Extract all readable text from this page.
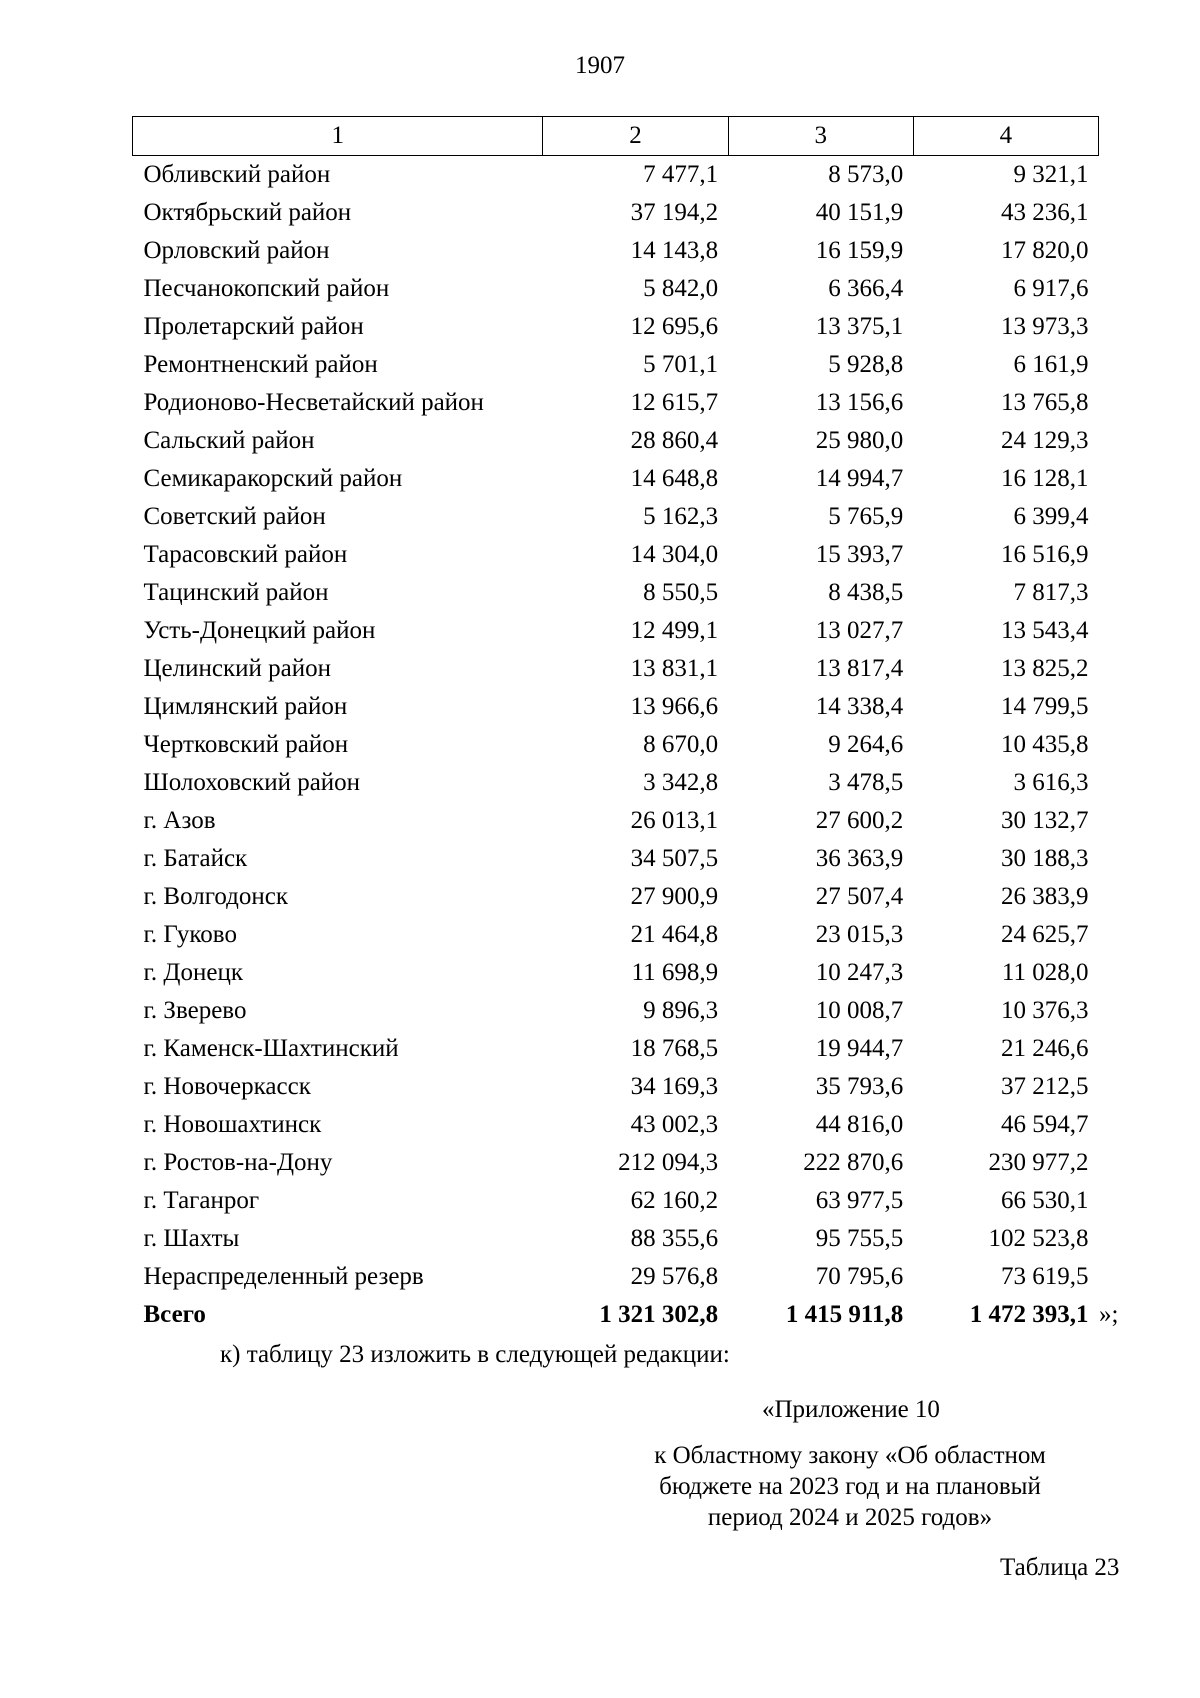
1907
1	2	3	4
Обливский район	7 477,1	8 573,0	9 321,1
Октябрьский район	37 194,2	40 151,9	43 236,1
Орловский район	14 143,8	16 159,9	17 820,0
Песчанокопский район	5 842,0	6 366,4	6 917,6
Пролетарский район	12 695,6	13 375,1	13 973,3
Ремонтненский район	5 701,1	5 928,8	6 161,9
Родионово-Несветайский район	12 615,7	13 156,6	13 765,8
Сальский район	28 860,4	25 980,0	24 129,3
Семикаракорский район	14 648,8	14 994,7	16 128,1
Советский район	5 162,3	5 765,9	6 399,4
Тарасовский район	14 304,0	15 393,7	16 516,9
Тацинский район	8 550,5	8 438,5	7 817,3
Усть-Донецкий район	12 499,1	13 027,7	13 543,4
Целинский район	13 831,1	13 817,4	13 825,2
Цимлянский район	13 966,6	14 338,4	14 799,5
Чертковский район	8 670,0	9 264,6	10 435,8
Шолоховский район	3 342,8	3 478,5	3 616,3
г. Азов	26 013,1	27 600,2	30 132,7
г. Батайск	34 507,5	36 363,9	30 188,3
г. Волгодонск	27 900,9	27 507,4	26 383,9
г. Гуково	21 464,8	23 015,3	24 625,7
г. Донецк	11 698,9	10 247,3	11 028,0
г. Зверево	9 896,3	10 008,7	10 376,3
г. Каменск-Шахтинский	18 768,5	19 944,7	21 246,6
г. Новочеркасск	34 169,3	35 793,6	37 212,5
г. Новошахтинск	43 002,3	44 816,0	46 594,7
г. Ростов-на-Дону	212 094,3	222 870,6	230 977,2
г. Таганрог	62 160,2	63 977,5	66 530,1
г. Шахты	88 355,6	95 755,5	102 523,8
Нераспределенный резерв	29 576,8	70 795,6	73 619,5
Всего	1 321 302,8	1 415 911,8	1 472 393,1 »;
к) таблицу 23 изложить в следующей редакции:
«Приложение 10
к Областному закону «Об областном
бюджете на 2023 год и на плановый
период 2024 и 2025 годов»
Таблица 23
